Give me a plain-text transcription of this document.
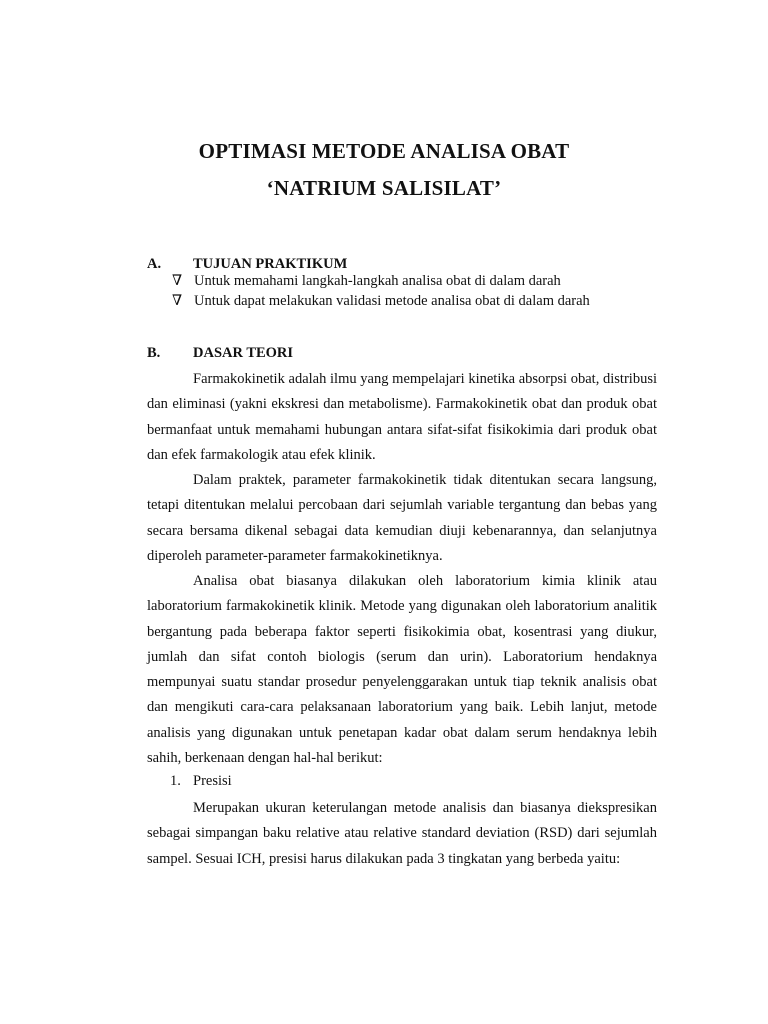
OPTIMASI METODE ANALISA OBAT
‘NATRIUM SALISILAT’
A. TUJUAN PRAKTIKUM
∇ Untuk memahami langkah-langkah analisa obat di dalam darah
∇ Untuk dapat melakukan validasi metode analisa obat di dalam darah
B. DASAR TEORI

Farmakokinetik adalah ilmu yang mempelajari kinetika absorpsi obat, distribusi dan eliminasi (yakni ekskresi dan metabolisme). Farmakokinetik obat dan produk obat bermanfaat untuk memahami hubungan antara sifat-sifat fisikokimia dari produk obat dan efek farmakologik atau efek klinik.

Dalam praktek, parameter farmakokinetik tidak ditentukan secara langsung, tetapi ditentukan melalui percobaan dari sejumlah variable tergantung dan bebas yang secara bersama dikenal sebagai data kemudian diuji kebenarannya, dan selanjutnya diperoleh parameter-parameter farmakokinetiknya.

Analisa obat biasanya dilakukan oleh laboratorium kimia klinik atau laboratorium farmakokinetik klinik. Metode yang digunakan oleh laboratorium analitik bergantung pada beberapa faktor seperti fisikokimia obat, kosentrasi yang diukur, jumlah dan sifat contoh biologis (serum dan urin). Laboratorium hendaknya mempunyai suatu standar prosedur penyelenggarakan untuk tiap teknik analisis obat dan mengikuti cara-cara pelaksanaan laboratorium yang baik. Lebih lanjut, metode analisis yang digunakan untuk penetapan kadar obat dalam serum hendaknya lebih sahih, berkenaan dengan hal-hal berikut:

1. Presisi

Merupakan ukuran keterulangan metode analisis dan biasanya diekspresikan sebagai simpangan baku relative atau relative standard deviation (RSD) dari sejumlah sampel. Sesuai ICH, presisi harus dilakukan pada 3 tingkatan yang berbeda yaitu:
